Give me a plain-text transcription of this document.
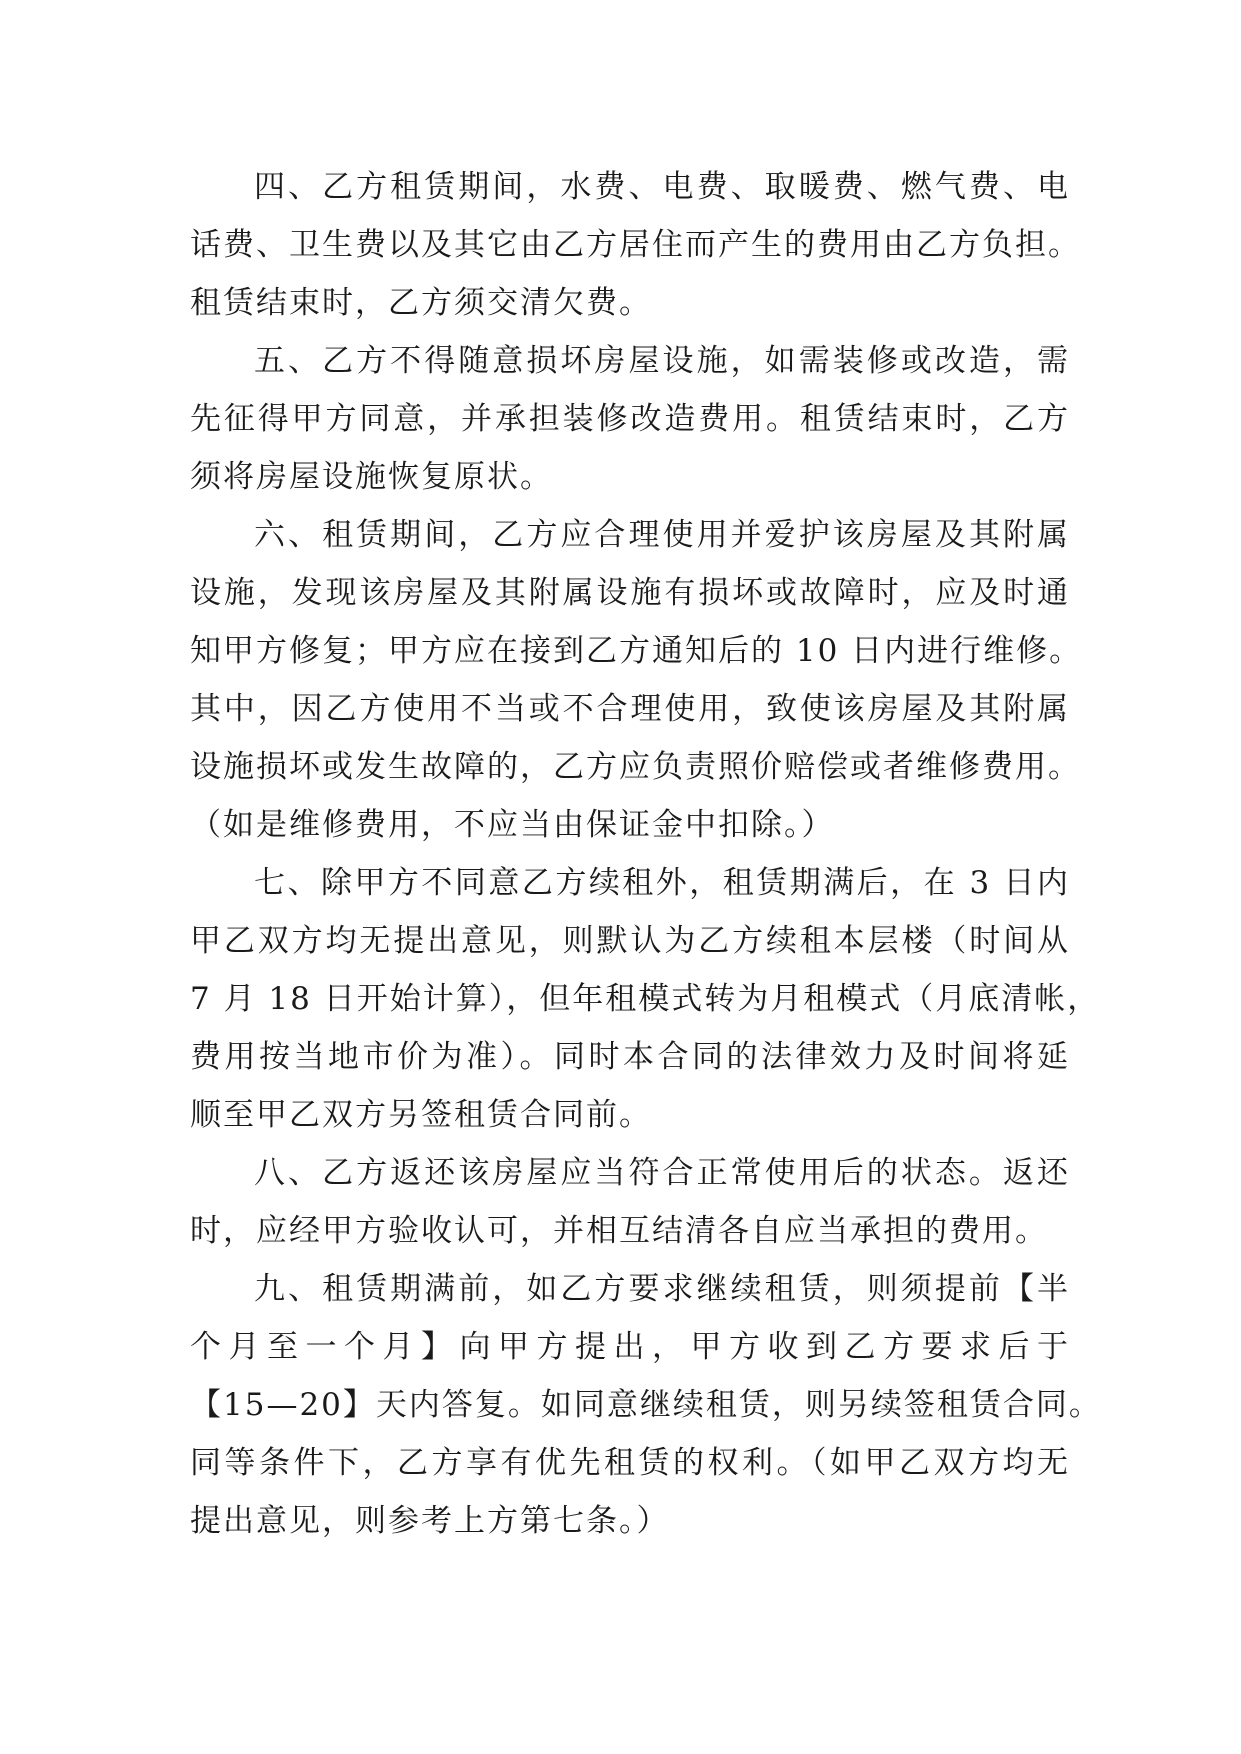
四、乙方租赁期间，水费、电费、取暖费、燃气费、电
话费、卫生费以及其它由乙方居住而产生的费用由乙方负担。
租赁结束时，乙方须交清欠费。
五、乙方不得随意损坏房屋设施，如需装修或改造，需
先征得甲方同意，并承担装修改造费用。租赁结束时，乙方
须将房屋设施恢复原状。
六、租赁期间，乙方应合理使用并爱护该房屋及其附属
设施，发现该房屋及其附属设施有损坏或故障时，应及时通
知甲方修复；甲方应在接到乙方通知后的 10 日内进行维修。
其中，因乙方使用不当或不合理使用，致使该房屋及其附属
设施损坏或发生故障的，乙方应负责照价赔偿或者维修费用。
（如是维修费用，不应当由保证金中扣除。）
七、除甲方不同意乙方续租外，租赁期满后，在 3 日内
甲乙双方均无提出意见，则默认为乙方续租本层楼（时间从
7 月 18 日开始计算），但年租模式转为月租模式（月底清帐，
费用按当地市价为准）。同时本合同的法律效力及时间将延
顺至甲乙双方另签租赁合同前。
八、乙方返还该房屋应当符合正常使用后的状态。返还
时，应经甲方验收认可，并相互结清各自应当承担的费用。
九、租赁期满前，如乙方要求继续租赁，则须提前【半
个月至一个月】向甲方提出，甲方收到乙方要求后于
【15—20】天内答复。如同意继续租赁，则另续签租赁合同。
同等条件下，乙方享有优先租赁的权利。（如甲乙双方均无
提出意见，则参考上方第七条。）
